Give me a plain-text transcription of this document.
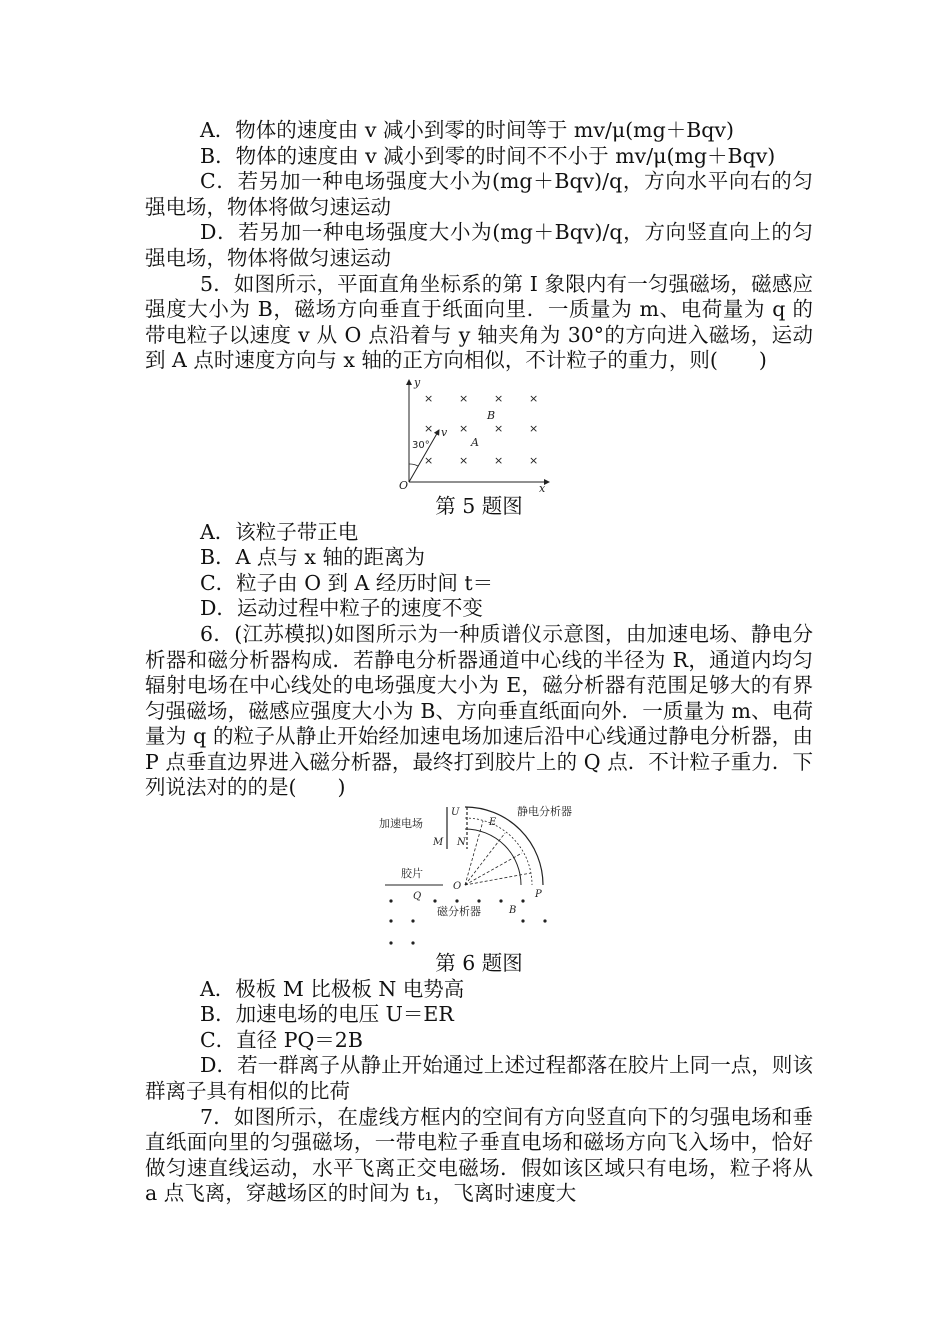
A．物体的速度由 v 减小到零的时间等于 mv/μ(mg＋Bqv)

B．物体的速度由 v 减小到零的时间不不小于 mv/μ(mg＋Bqv)

C．若另加一种电场强度大小为(mg＋Bqv)/q，方向水平向右的匀强电场，物体将做匀速运动

D．若另加一种电场强度大小为(mg＋Bqv)/q，方向竖直向上的匀强电场，物体将做匀速运动

5．如图所示，平面直角坐标系的第 I 象限内有一匀强磁场，磁感应强度大小为 B，磁场方向垂直于纸面向里．一质量为 m、电荷量为 q 的带电粒子以速度 v 从 O 点沿着与 y 轴夹角为 30°的方向进入磁场，运动到 A 点时速度方向与 x 轴的正方向相似，不计粒子的重力，则(　　)

y
x
O
30°
v
A
B
× × × ×
× × × ×
× × × ×

第 5 题图

A．该粒子带正电

B．A 点与 x 轴的距离为

C．粒子由 O 到 A 经历时间 t＝

D．运动过程中粒子的速度不变

6．(江苏模拟)如图所示为一种质谱仪示意图，由加速电场、静电分析器和磁分析器构成．若静电分析器通道中心线的半径为 R，通道内均匀辐射电场在中心线处的电场强度大小为 E，磁分析器有范围足够大的有界匀强磁场，磁感应强度大小为 B、方向垂直纸面向外．一质量为 m、电荷量为 q 的粒子从静止开始经加速电场加速后沿中心线通过静电分析器，由 P 点垂直边界进入磁分析器，最终打到胶片上的 Q 点．不计粒子重力．下列说法对的的是(　　)

加速电场
静电分析器
U
M N
E
O
胶片
Q	P
B
磁分析器

第 6 题图

A．极板 M 比极板 N 电势高

B．加速电场的电压 U＝ER

C．直径 PQ＝2B

D．若一群离子从静止开始通过上述过程都落在胶片上同一点，则该群离子具有相似的比荷

7．如图所示，在虚线方框内的空间有方向竖直向下的匀强电场和垂直纸面向里的匀强磁场，一带电粒子垂直电场和磁场方向飞入场中，恰好做匀速直线运动，水平飞离正交电磁场．假如该区域只有电场，粒子将从 a 点飞离，穿越场区的时间为 t₁，飞离时速度大
